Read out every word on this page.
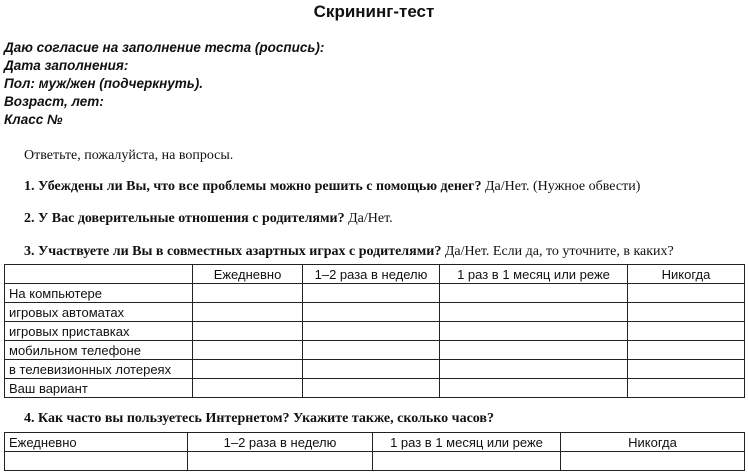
Скрининг-тест
Даю согласие на заполнение теста (роспись):
Дата заполнения:
Пол: муж/жен (подчеркнуть).
Возраст, лет:
Класс №
Ответьте, пожалуйста, на вопросы.
1. Убеждены ли Вы, что все проблемы можно решить с помощью денег? Да/Нет. (Нужное обвести)
2. У Вас доверительные отношения с родителями? Да/Нет.
3. Участвуете ли Вы в совместных азартных играх с родителями? Да/Нет. Если да, то уточните, в каких?
	Ежедневно	1–2 раза в неделю	1 раз в 1 месяц или реже	Никогда
На компьютере				
игровых автоматах				
игровых приставках				
мобильном телефоне				
в телевизионных лотереях				
Ваш вариант				
4. Как часто вы пользуетесь Интернетом? Укажите также, сколько часов?
Ежедневно	1–2 раза в неделю	1 раз в 1 месяц или реже	Никогда
